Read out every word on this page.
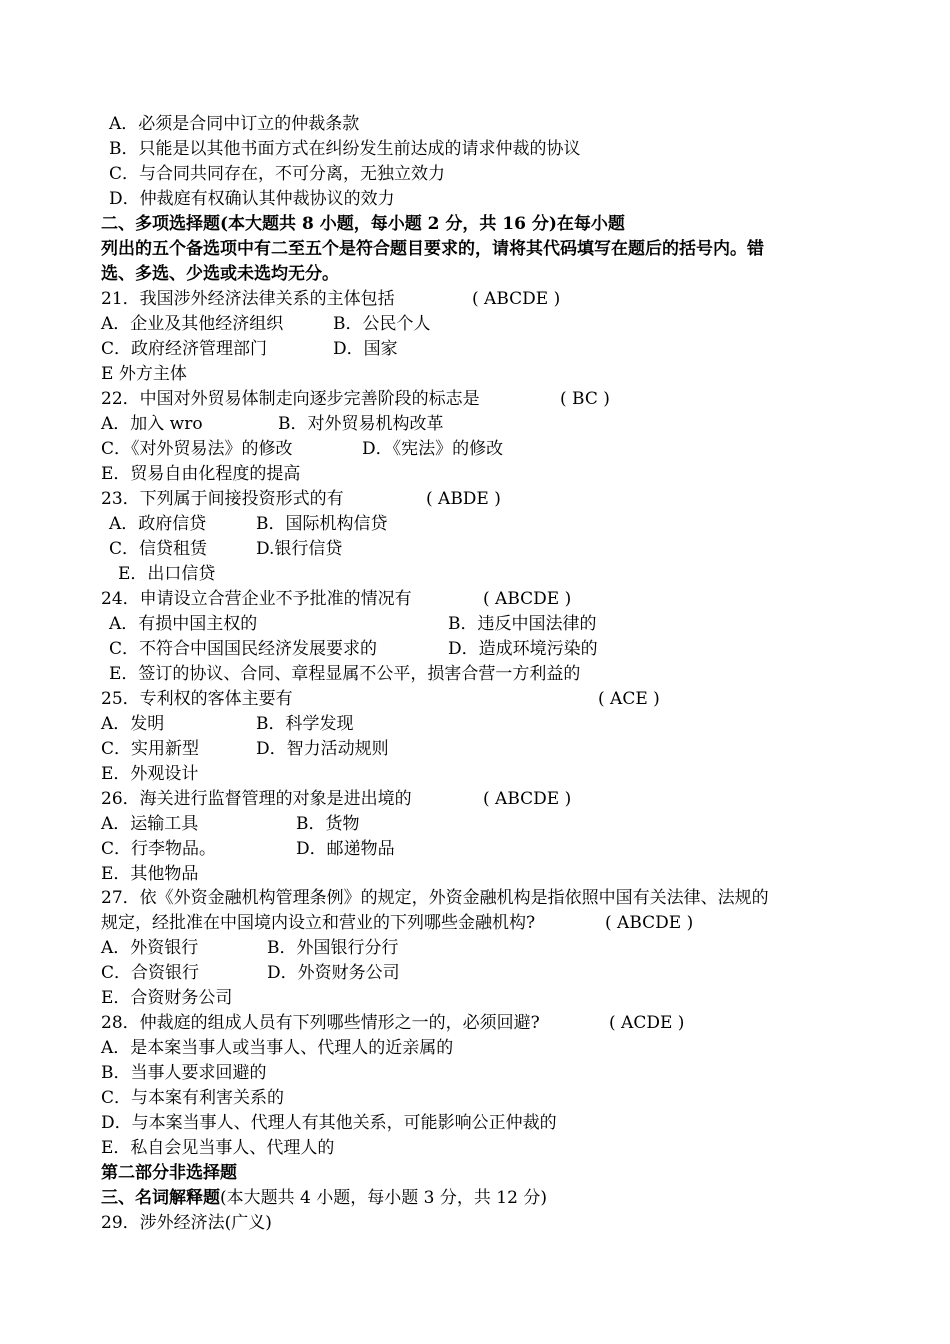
A．必须是合同中订立的仲裁条款
B．只能是以其他书面方式在纠纷发生前达成的请求仲裁的协议
C．与合同共同存在，不可分离，无独立效力
D．仲裁庭有权确认其仲裁协议的效力
二、多项选择题(本大题共 8 小题，每小题 2 分，共 16 分)在每小题
列出的五个备选项中有二至五个是符合题目要求的，请将其代码填写在题后的括号内。错
选、多选、少选或未选均无分。
21．我国涉外经济法律关系的主体包括	( ABCDE )
A．企业及其他经济组织	B．公民个人
C．政府经济管理部门	D．国家
E 外方主体
22．中国对外贸易体制走向逐步完善阶段的标志是	( BC )
A．加入 wro	B．对外贸易机构改革
C．《对外贸易法》的修改	D．《宪法》的修改
E．贸易自由化程度的提高
23．下列属于间接投资形式的有	( ABDE )
A．政府信贷	B．国际机构信贷
C．信贷租赁	D.银行信贷
E．出口信贷
24．申请设立合营企业不予批准的情况有	( ABCDE )
A．有损中国主权的	B．违反中国法律的
C．不符合中国国民经济发展要求的	D．造成环境污染的
E．签订的协议、合同、章程显属不公平，损害合营一方利益的
25．专利权的客体主要有	( ACE )
A．发明	B．科学发现
C．实用新型	D．智力活动规则
E．外观设计
26．海关进行监督管理的对象是进出境的	( ABCDE )
A．运输工具	B．货物
C．行李物品。	D．邮递物品
E．其他物品
27．依《外资金融机构管理条例》的规定，外资金融机构是指依照中国有关法律、法规的
规定，经批准在中国境内设立和营业的下列哪些金融机构?	( ABCDE )
A．外资银行	B．外国银行分行
C．合资银行	D．外资财务公司
E．合资财务公司
28．仲裁庭的组成人员有下列哪些情形之一的，必须回避?	( ACDE )
A．是本案当事人或当事人、代理人的近亲属的
B．当事人要求回避的
C．与本案有利害关系的
D．与本案当事人、代理人有其他关系，可能影响公正仲裁的
E．私自会见当事人、代理人的
第二部分非选择题
三、名词解释题(本大题共 4 小题，每小题 3 分，共 12 分)
29．涉外经济法(广义)
